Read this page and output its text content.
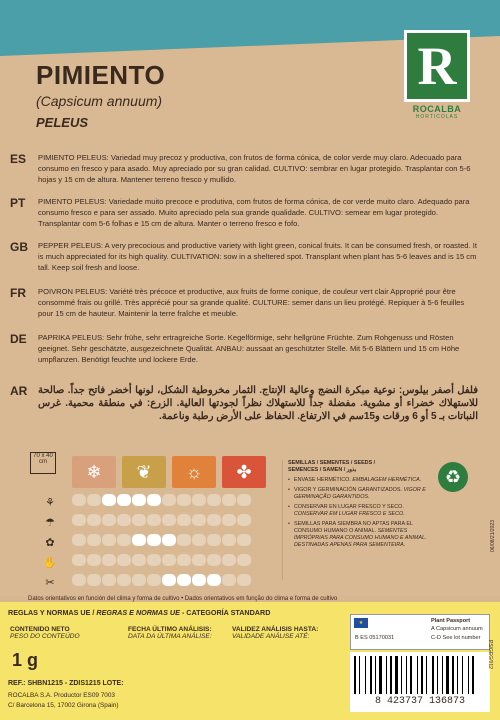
PIMIENTO
(Capsicum annuum)
PELEUS
R
ROCALBA
HORTICOLAS
ES	PIMIENTO PELEUS: Variedad muy precoz y productiva, con frutos de forma cónica, de color verde muy claro. Adecuado para consumo en fresco y para asado. Muy apreciado por su gran calidad. CULTIVO: sembrar en lugar protegido. Trasplantar con 5-6 hojas y 15 cm de altura. Mantener terreno fresco y mullido.
PT	PIMENTO PELEUS: Variedade muito precoce e produtiva, com frutos de forma cónica, de cor verde muito claro. Adequado para consumo fresco e para ser assado. Muito apreciado pela sua grande qualidade. CULTIVO: semear em lugar protegido. Transplantar com 5-6 folhas e 15 cm de altura. Manter o terreno fresco e fofo.
GB	PEPPER PELEUS: A very precocious and productive variety with light green, conical fruits. It can be consumed fresh, or roasted. It is much appreciated for its high quality. CULTIVATION: sow in a sheltered spot. Transplant when plant has 5-6 leaves and is 15 cm tall. Keep soil fresh and loose.
FR	POIVRON PELEUS: Variété très précoce et productive, aux fruits de forme conique, de couleur vert clair Approprié pour être consommé frais ou grillé. Très apprécié pour sa grande qualité. CULTURE: semer dans un lieu protégé. Repiquer à 5-6 feuilles pour 15 cm de hauteur. Maintenir la terre fraîche et meuble.
DE	PAPRIKA PELEUS: Sehr frühe, sehr ertragreiche Sorte. Kegelförmige, sehr hellgrüne Früchte. Zum Rohgenuss und Rösten geeignet. Sehr geschätzte, ausgezeichnete Qualität. ANBAU: aussaat an geschützter Stelle. Mit 5-6 Blättern und 15 cm Höhe umpflanzen. Benötigt feuchte und lockere Erde.
AR	فلفل أصفر بيلوس: نوعية مبكرة النضج وعالية الإنتاج. الثمار مخروطية الشكل، لونها أخضر فاتح جداً. صالحة للاستهلاك خضراء أو مشوية. مفضلة جداً للاستهلاك نظراً لجودتها العالية. الزرع: في منطقة محمية. غرس النباتات بـ 5 أو 6 ورقات و15سم في الارتفاع. الحفاظ على الأرض رطبة وناعمة.
70 x 40 cm	❄	❦	☼	✤
⚘
☂
✿
✋
✂
SEMILLAS / SEMENTES / SEEDS /
SEMENCES / SAMEN / بذور
• ENVASE HERMÉTICO. EMBALAGEM HERMÉTICA.
• VIGOR Y GERMINACIÓN GARANTIZADOS. VIGOR E GERMINAÇÃO GARANTIDOS.
• CONSERVAR EN LUGAR FRESCO Y SECO. CONSERVAR EM LUGAR FRESCO E SECO.
• SEMILLAS PARA SIEMBRA NO APTAS PARA EL CONSUMO HUMANO O ANIMAL. SEMENTES IMPRÓPRIAS PARA CONSUMO HUMANO E ANIMAL. DESTINADAS APENAS PARA SEMENTEIRA.
♻
Datos orientativos en función del clima y forma de cultivo • Dados orientativos em função do clima e forma de cultivo
REGLAS Y NORMAS UE / REGRAS E NORMAS UE - CATEGORÍA STANDARD
CONTENIDO NETO
PESO DO CONTEÚDO
FECHA ÚLTIMO ANÁLISIS:
DATA DA ÚLTIMA ANÁLISE:
VALIDEZ ANÁLISIS HASTA:
VALIDADE ANÁLISE ATÉ:
1 g
REF.: SHBN1215 - ZDIS1215 LOTE:
ROCALBA S.A. Productor ES09 7003
C/ Barcelona 15, 17002 Girona (Spain)
★	Plant Passport
A Capsicum annuum
B ES 05170031	C-D See lot number
8 423737 136873
PS/GEG/012
06/08/21/2023
